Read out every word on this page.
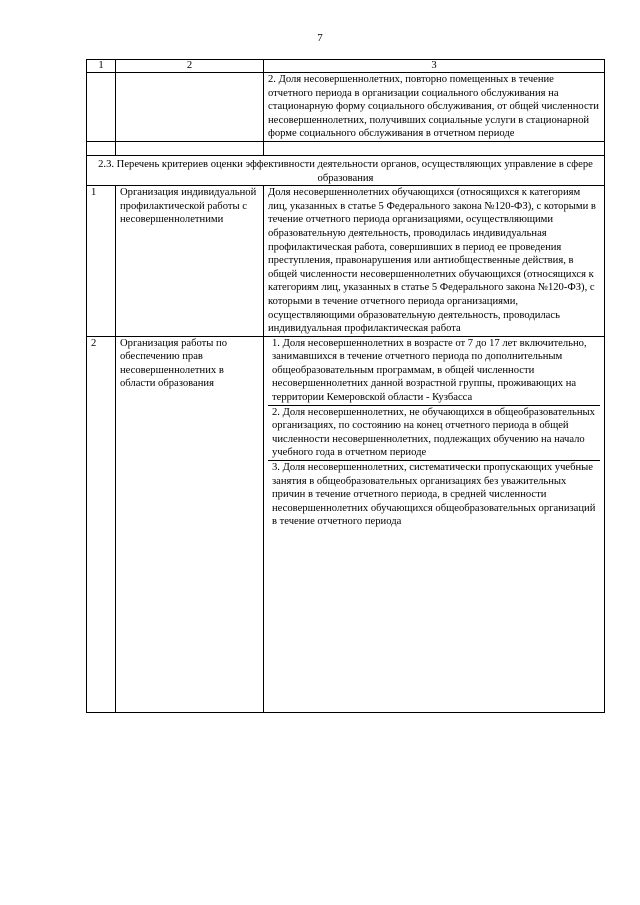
7
1	2	3
		2. Доля несовершеннолетних, повторно помещенных в течение отчетного периода в организации социального обслуживания на стационарную форму социального обслуживания, от общей численности несовершеннолетних, получивших социальные услуги в стационарной форме социального обслуживания в отчетном периоде

2.3. Перечень критериев оценки эффективности деятельности органов, осуществляющих управление в сфере образования		
1	Организация индивидуальной профилактической работы с несовершеннолетними	Доля несовершеннолетних обучающихся (относящихся к категориям лиц, указанных в статье 5 Федерального закона №120-ФЗ), с которыми в течение отчетного периода организациями, осуществляющими образовательную деятельность, проводилась индивидуальная профилактическая работа, совершивших в период ее проведения преступления, правонарушения или антиобщественные действия, в общей численности несовершеннолетних обучающихся (относящихся к категориям лиц, указанных в статье 5 Федерального закона №120-ФЗ), с которыми в течение отчетного периода организациями, осуществляющими образовательную деятельность, проводилась индивидуальная профилактическая работа
2	Организация работы по обеспечению прав несовершеннолетних в области образования	1. Доля несовершеннолетних в возрасте от 7 до 17 лет включительно, занимавшихся в течение отчетного периода по дополнительным общеобразовательным программам, в общей численности несовершеннолетних данной возрастной группы, проживающих на территории Кемеровской области - Кузбасса
2. Доля несовершеннолетних, не обучающихся в общеобразовательных организациях, по состоянию на конец отчетного периода в общей численности несовершеннолетних, подлежащих обучению на начало учебного года в отчетном периоде
3. Доля несовершеннолетних, систематически пропускающих учебные занятия в общеобразовательных организациях без уважительных причин в течение отчетного периода, в средней численности несовершеннолетних обучающихся общеобразовательных организаций в течение отчетного периода
